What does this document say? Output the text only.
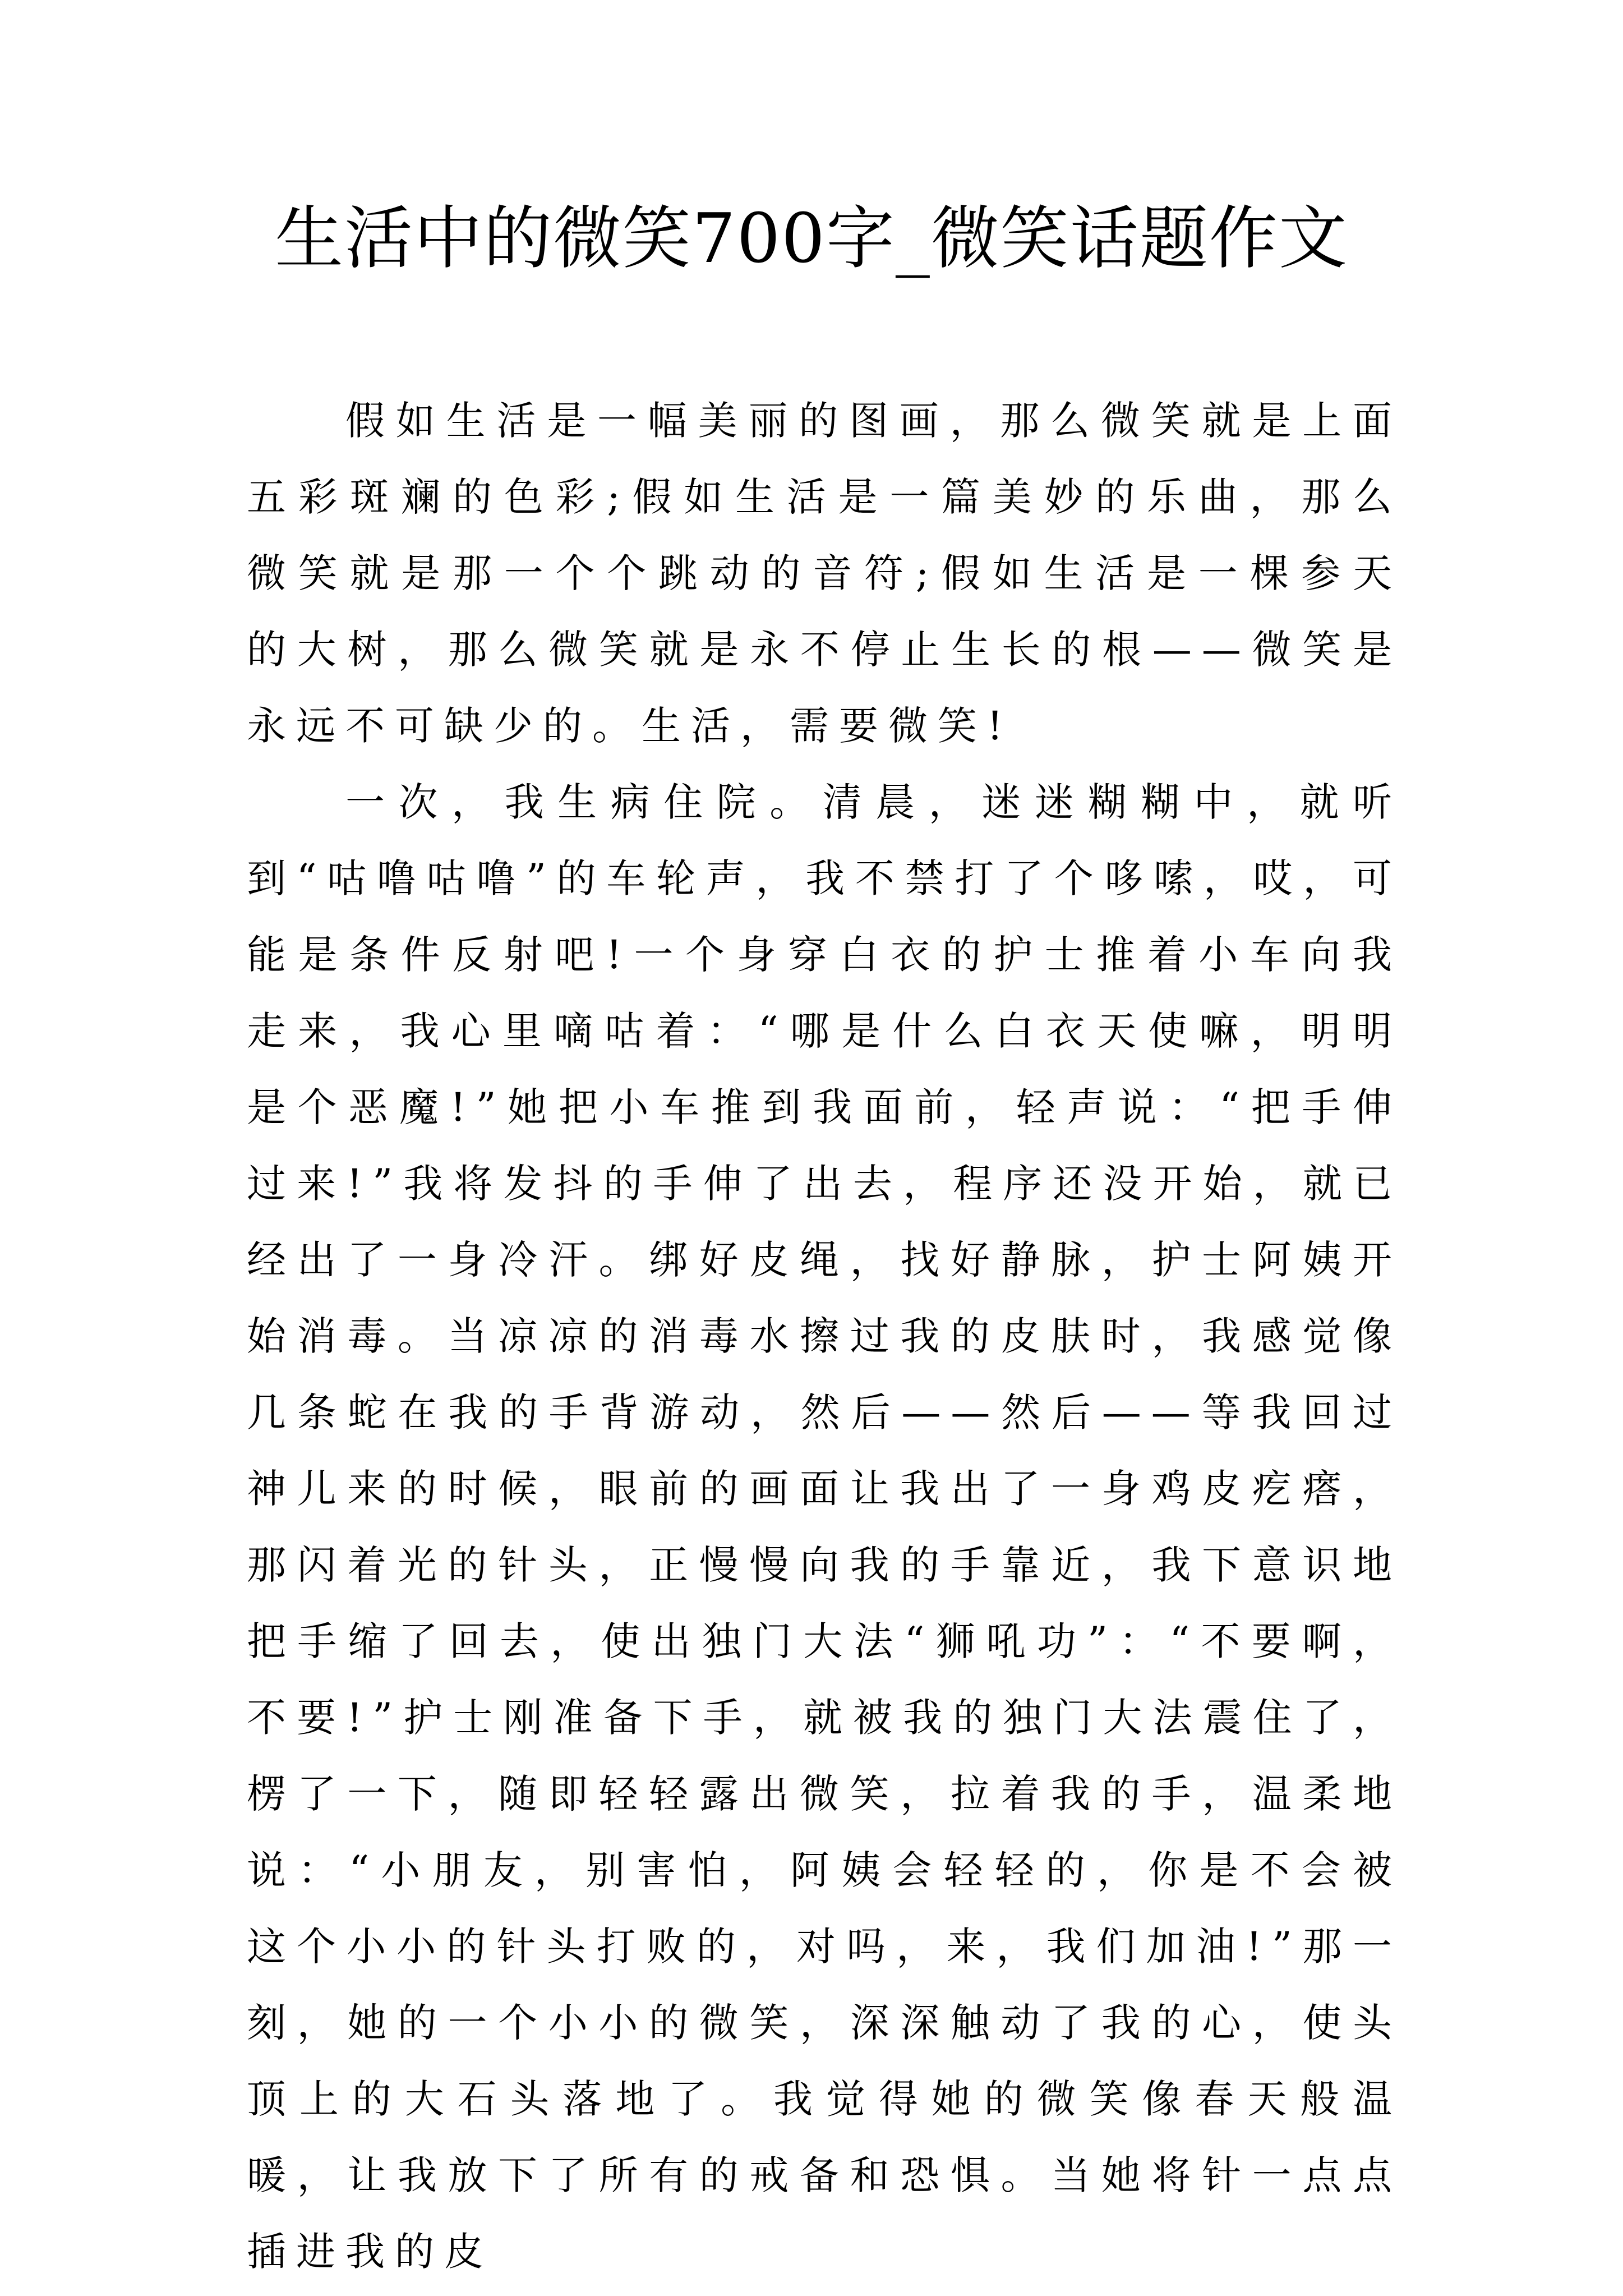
生活中的微笑700字_微笑话题作文

假如生活是一幅美丽的图画，那么微笑就是上面五彩斑斓的色彩;假如生活是一篇美妙的乐曲，那么微笑就是那一个个跳动的音符;假如生活是一棵参天的大树，那么微笑就是永不停止生长的根——微笑是永远不可缺少的。生活，需要微笑!

一次，我生病住院。清晨，迷迷糊糊中，就听到“咕噜咕噜”的车轮声，我不禁打了个哆嗦，哎，可能是条件反射吧!一个身穿白衣的护士推着小车向我走来，我心里嘀咕着：“哪是什么白衣天使嘛，明明是个恶魔!”她把小车推到我面前，轻声说：“把手伸过来!”我将发抖的手伸了出去，程序还没开始，就已经出了一身冷汗。绑好皮绳，找好静脉，护士阿姨开始消毒。当凉凉的消毒水擦过我的皮肤时，我感觉像几条蛇在我的手背游动，然后——然后——等我回过神儿来的时候，眼前的画面让我出了一身鸡皮疙瘩，那闪着光的针头，正慢慢向我的手靠近，我下意识地把手缩了回去，使出独门大法“狮吼功”：“不要啊，不要!”护士刚准备下手，就被我的独门大法震住了，楞了一下，随即轻轻露出微笑，拉着我的手，温柔地说：“小朋友，别害怕，阿姨会轻轻的，你是不会被这个小小的针头打败的，对吗，来，我们加油!”那一刻，她的一个小小的微笑，深深触动了我的心，使头顶上的大石头落地了。我觉得她的微笑像春天般温暖，让我放下了所有的戒备和恐惧。当她将针一点点插进我的皮
